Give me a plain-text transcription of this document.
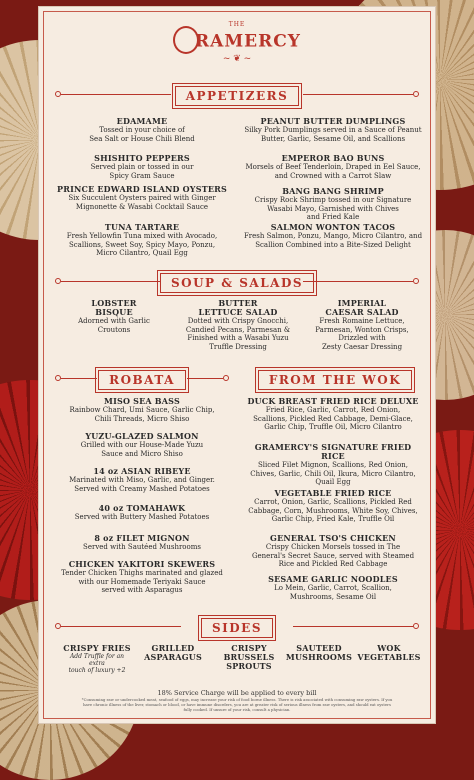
THE
RAMERCY
~ ❦ ~
APPETIZERS
SOUP & SALADS
ROBATA	FROM THE WOK
SIDES
18% Service Charge will be applied to every bill
*Consuming raw or undercooked meat, seafood of eggs, may increase your risk of food borne illness. There is risk associated with consuming raw oysters. If you have chronic illness of the liver, stomach or blood, or have immune disorders, you are at greater risk of serious illness from raw oysters, and should eat oysters fully cooked. If unsure of your risk, consult a physician.
EDAMAME
Tossed in your choice of
Sea Salt or House Chili Blend
SHISHITO PEPPERS
Served plain or tossed in our
Spicy Gram Sauce
PRINCE EDWARD ISLAND OYSTERS
Six Succulent Oysters paired with Ginger
Mignonette & Wasabi Cocktail Sauce
TUNA TARTARE
Fresh Yellowfin Tuna mixed with Avocado,
Scallions, Sweet Soy, Spicy Mayo, Ponzu,
Micro Cilantro, Quail Egg
PEANUT BUTTER DUMPLINGS
Silky Pork Dumplings served in a Sauce of Peanut
Butter, Garlic, Sesame Oil, and Scallions
EMPEROR BAO BUNS
Morsels of Beef Tenderloin, Draped in Eel Sauce,
and Crowned with a Carrot Slaw
BANG BANG SHRIMP
Crispy Rock Shrimp tossed in our Signature
Wasabi Mayo, Garnished with Chives
and Fried Kale
SALMON WONTON TACOS
Fresh Salmon, Ponzu, Mango, Micro Cilantro, and
Scallion Combined into a Bite-Sized Delight
LOBSTER
BISQUE
Adorned with Garlic
Croutons
BUTTER
LETTUCE SALAD
Dotted with Crispy Gnocchi,
Candied Pecans, Parmesan &
Finished with a Wasabi Yuzu
Truffle Dressing
IMPERIAL
CAESAR SALAD
Fresh Romaine Lettuce,
Parmesan, Wonton Crisps,
Drizzled with
Zesty Caesar Dressing
MISO SEA BASS
Rainbow Chard, Umi Sauce, Garlic Chip,
Chili Threads, Micro Shiso
YUZU-GLAZED SALMON
Grilled with our House-Made Yuzu
Sauce and Micro Shiso
14 oz ASIAN RIBEYE
Marinated with Miso, Garlic, and Ginger.
Served with Creamy Mashed Potatoes
40 oz TOMAHAWK
Served with Buttery Mashed Potatoes
8 oz FILET MIGNON
Served with Sautéed Mushrooms
CHICKEN YAKITORI SKEWERS
Tender Chicken Thighs marinated and glazed
with our Homemade Teriyaki Sauce
served with Asparagus
DUCK BREAST FRIED RICE DELUXE
Fried Rice, Garlic, Carrot, Red Onion,
Scallions, Pickled Red Cabbage, Demi-Glace,
Garlic Chip, Truffle Oil, Micro Cilantro
GRAMERCY'S SIGNATURE FRIED RICE
Sliced Filet Mignon, Scallions, Red Onion,
Chives, Garlic, Chili Oil, Ikura, Micro Cilantro,
Quail Egg
VEGETABLE FRIED RICE
Carrot, Onion, Garlic, Scallions, Pickled Red
Cabbage, Corn, Mushrooms, White Soy, Chives,
Garlic Chip, Fried Kale, Truffle Oil
GENERAL TSO'S CHICKEN
Crispy Chicken Morsels tossed in The
General's Secret Sauce, served with Steamed
Rice and Pickled Red Cabbage
SESAME GARLIC NOODLES
Lo Mein, Garlic, Carrot, Scallion,
Mushrooms, Sesame Oil
CRISPY FRIES
Add Truffle for an extra
touch of luxury +2
GRILLED
ASPARAGUS
CRISPY
BRUSSELS
SPROUTS
SAUTEED
MUSHROOMS
WOK
VEGETABLES
